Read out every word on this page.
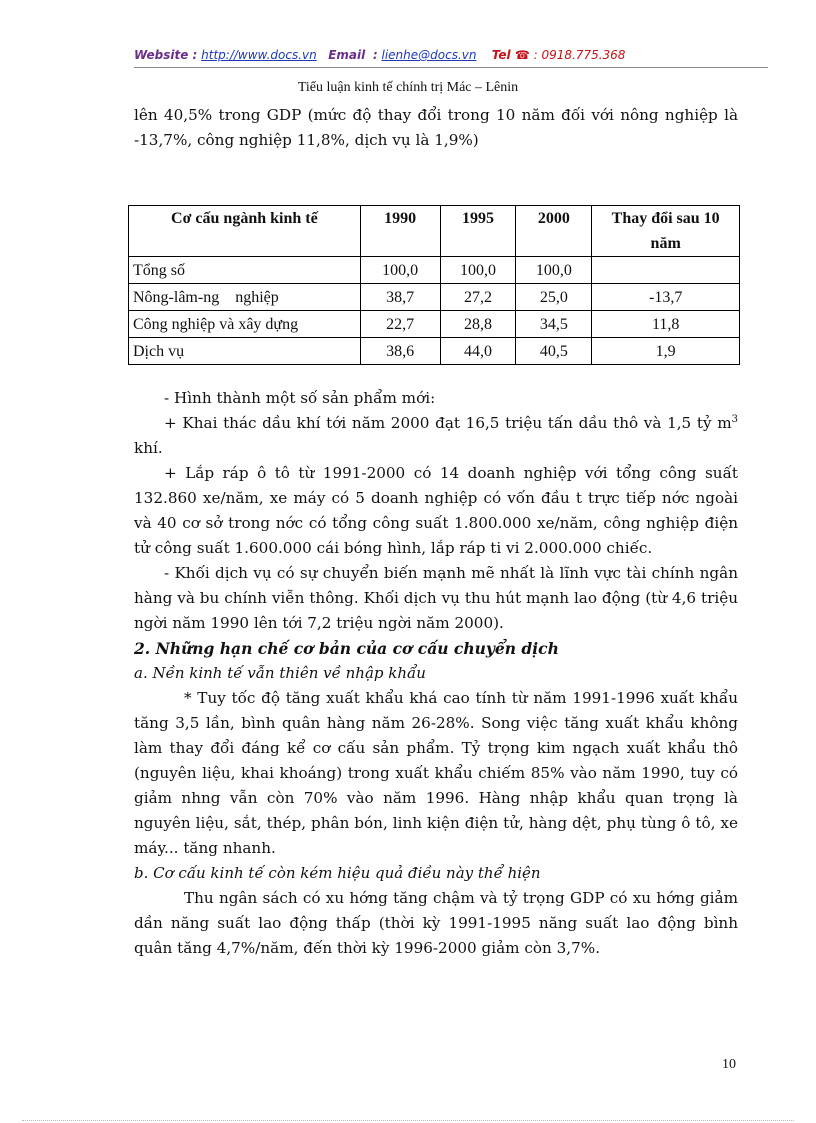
Website : http://www.docs.vn Email : lienhe@docs.vn Tel ☎ : 0918.775.368
Tiểu luận kinh tế chính trị Mác – Lênin

lên 40,5% trong GDP (mức độ thay đổi trong 10 năm đối với nông nghiệp là -13,7%, công nghiệp 11,8%, dịch vụ là 1,9%)

Cơ cấu ngành kinh tế	1990	1995	2000	Thay đổi sau 10 năm
Tổng số	100,0	100,0	100,0	
Nông-lâm-ng    nghiệp	38,7	27,2	25,0	-13,7
Công nghiệp và xây dựng	22,7	28,8	34,5	11,8
Dịch vụ	38,6	44,0	40,5	1,9

- Hình thành một số sản phẩm mới:

+ Khai thác dầu khí tới năm 2000 đạt 16,5 triệu tấn dầu thô và 1,5 tỷ $m^3$ khí.

+ Lắp ráp ô tô từ 1991-2000 có 14 doanh nghiệp với tổng công suất 132.860 xe/năm, xe máy có 5 doanh nghiệp có vốn đầu t trực tiếp nớc ngoài và 40 cơ sở trong nớc có tổng công suất 1.800.000 xe/năm, công nghiệp điện tử công suất 1.600.000 cái bóng hình, lắp ráp ti vi 2.000.000 chiếc.

- Khối dịch vụ có sự chuyển biến mạnh mẽ nhất là lĩnh vực tài chính ngân hàng và bu chính viễn thông. Khối dịch vụ thu hút mạnh lao động (từ 4,6 triệu ngời năm 1990 lên tới 7,2 triệu ngời năm 2000).

2. Những hạn chế cơ bản của cơ cấu chuyển dịch
a. Nền kinh tế vẫn thiên về nhập khẩu

* Tuy tốc độ tăng xuất khẩu khá cao tính từ năm 1991-1996 xuất khẩu tăng 3,5 lần, bình quân hàng năm 26-28%. Song việc tăng xuất khẩu không làm thay đổi đáng kể cơ cấu sản phẩm. Tỷ trọng kim ngạch xuất khẩu thô (nguyên liệu, khai khoáng) trong xuất khẩu chiếm 85% vào năm 1990, tuy có giảm nhng vẫn còn 70% vào năm 1996. Hàng nhập khẩu quan trọng là nguyên liệu, sắt, thép, phân bón, linh kiện điện tử, hàng dệt, phụ tùng ô tô, xe máy... tăng nhanh.

b. Cơ cấu kinh tế còn kém hiệu quả điều này thể hiện

Thu ngân sách có xu hớng tăng chậm và tỷ trọng GDP có xu hớng giảm dần năng suất lao động thấp (thời kỳ 1991-1995 năng suất lao động bình quân tăng 4,7%/năm, đến thời kỳ 1996-2000 giảm còn 3,7%.

10
